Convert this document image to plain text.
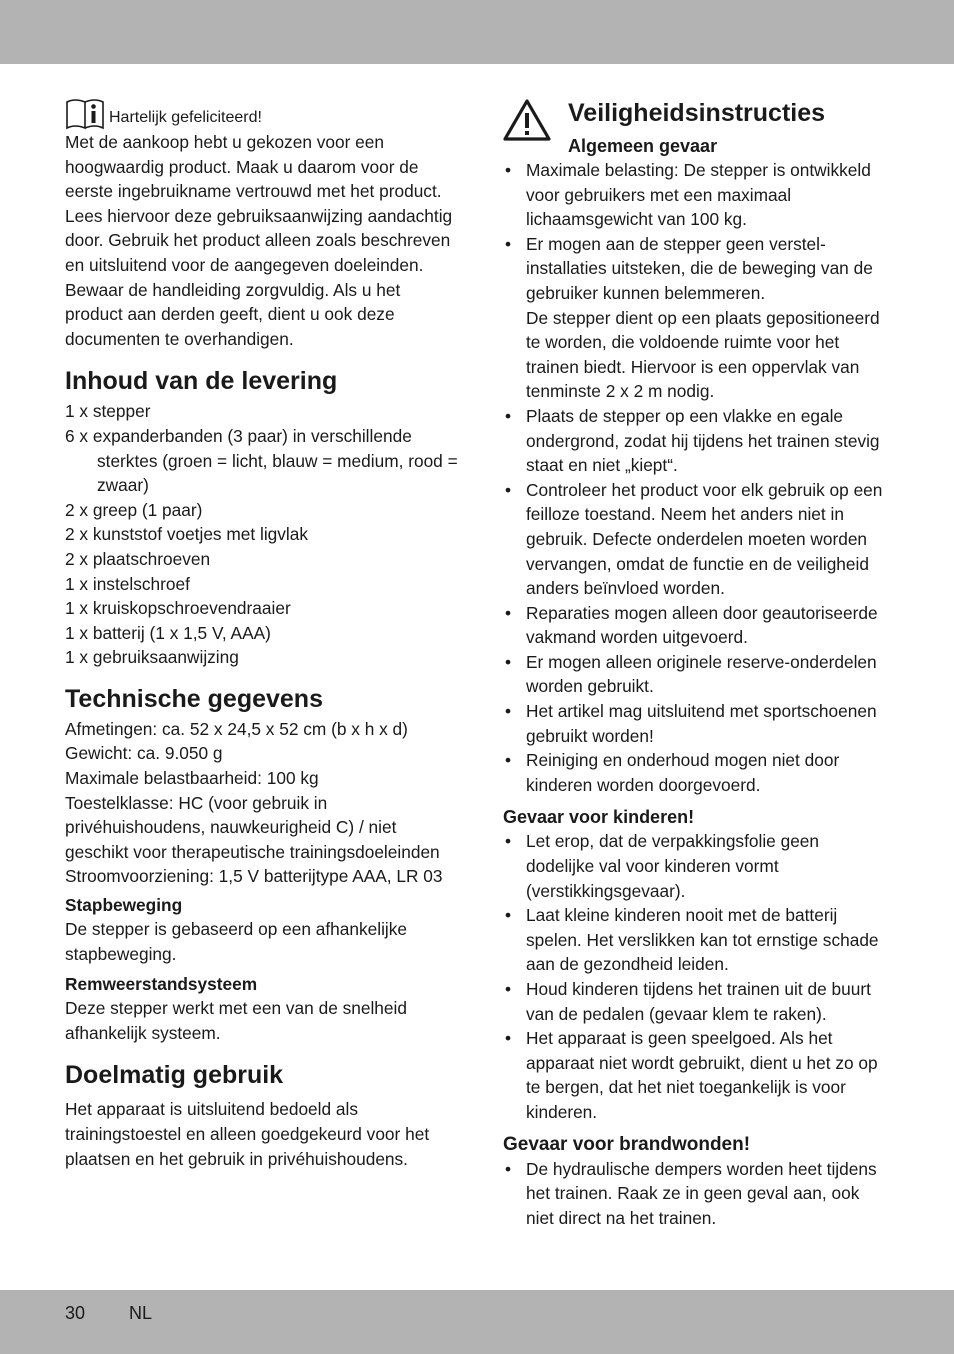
Hartelijk gefeliciteerd!

Met de aankoop hebt u gekozen voor een hoogwaardig product. Maak u daarom voor de eerste ingebruikname vertrouwd met het product. Lees hiervoor deze gebruiksaanwijzing aandachtig door. Gebruik het product alleen zoals beschreven en uitsluitend voor de aangegeven doeleinden. Bewaar de handleiding zorgvuldig. Als u het product aan derden geeft, dient u ook deze documenten te overhandigen.

Inhoud van de levering
1 x stepper
6 x expanderbanden (3 paar) in verschillende sterktes (groen = licht, blauw = medium, rood = zwaar)
2 x greep (1 paar)
2 x kunststof voetjes met ligvlak
2 x plaatschroeven
1 x instelschroef
1 x kruiskopschroevendraaier
1 x batterij (1 x 1,5 V, AAA)
1 x gebruiksaanwijzing
Technische gegevens
Afmetingen: ca. 52 x 24,5 x 52 cm (b x h x d)
Gewicht: ca. 9.050 g
Maximale belastbaarheid: 100 kg
Toestelklasse: HC (voor gebruik in privéhuishoudens, nauwkeurigheid C) / niet geschikt voor therapeutische trainingsdoeleinden
Stroomvoorziening: 1,5 V batterijtype AAA, LR 03
Stapbeweging

De stepper is gebaseerd op een afhankelijke stapbeweging.

Remweerstandsysteem

Deze stepper werkt met een van de snelheid afhankelijk systeem.

Doelmatig gebruik

Het apparaat is uitsluitend bedoeld als trainingstoestel en alleen goedgekeurd voor het plaatsen en het gebruik in privéhuishoudens.

Veiligheidsinstructies
Algemeen gevaar
• Maximale belasting: De stepper is ontwikkeld voor gebruikers met een maximaal lichaamsgewicht van 100 kg.
• Er mogen aan de stepper geen verstelinstallaties uitsteken, die de beweging van de gebruiker kunnen belemmeren.
De stepper dient op een plaats gepositioneerd te worden, die voldoende ruimte voor het trainen biedt. Hiervoor is een oppervlak van tenminste 2 x 2 m nodig.
• Plaats de stepper op een vlakke en egale ondergrond, zodat hij tijdens het trainen stevig staat en niet „kiept“.
• Controleer het product voor elk gebruik op een feilloze toestand. Neem het anders niet in gebruik. Defecte onderdelen moeten worden vervangen, omdat de functie en de veiligheid anders beïnvloed worden.
• Reparaties mogen alleen door geautoriseerde vakmand worden uitgevoerd.
• Er mogen alleen originele reserve-onderdelen worden gebruikt.
• Het artikel mag uitsluitend met sportschoenen gebruikt worden!
• Reiniging en onderhoud mogen niet door kinderen worden doorgevoerd.
Gevaar voor kinderen!
• Let erop, dat de verpakkingsfolie geen dodelijke val voor kinderen vormt (verstikkingsgevaar).
• Laat kleine kinderen nooit met de batterij spelen. Het verslikken kan tot ernstige schade aan de gezondheid leiden.
• Houd kinderen tijdens het trainen uit de buurt van de pedalen (gevaar klem te raken).
• Het apparaat is geen speelgoed. Als het apparaat niet wordt gebruikt, dient u het zo op te bergen, dat het niet toegankelijk is voor kinderen.
Gevaar voor brandwonden!
• De hydraulische dempers worden heet tijdens het trainen. Raak ze in geen geval aan, ook niet direct na het trainen.
30 NL
